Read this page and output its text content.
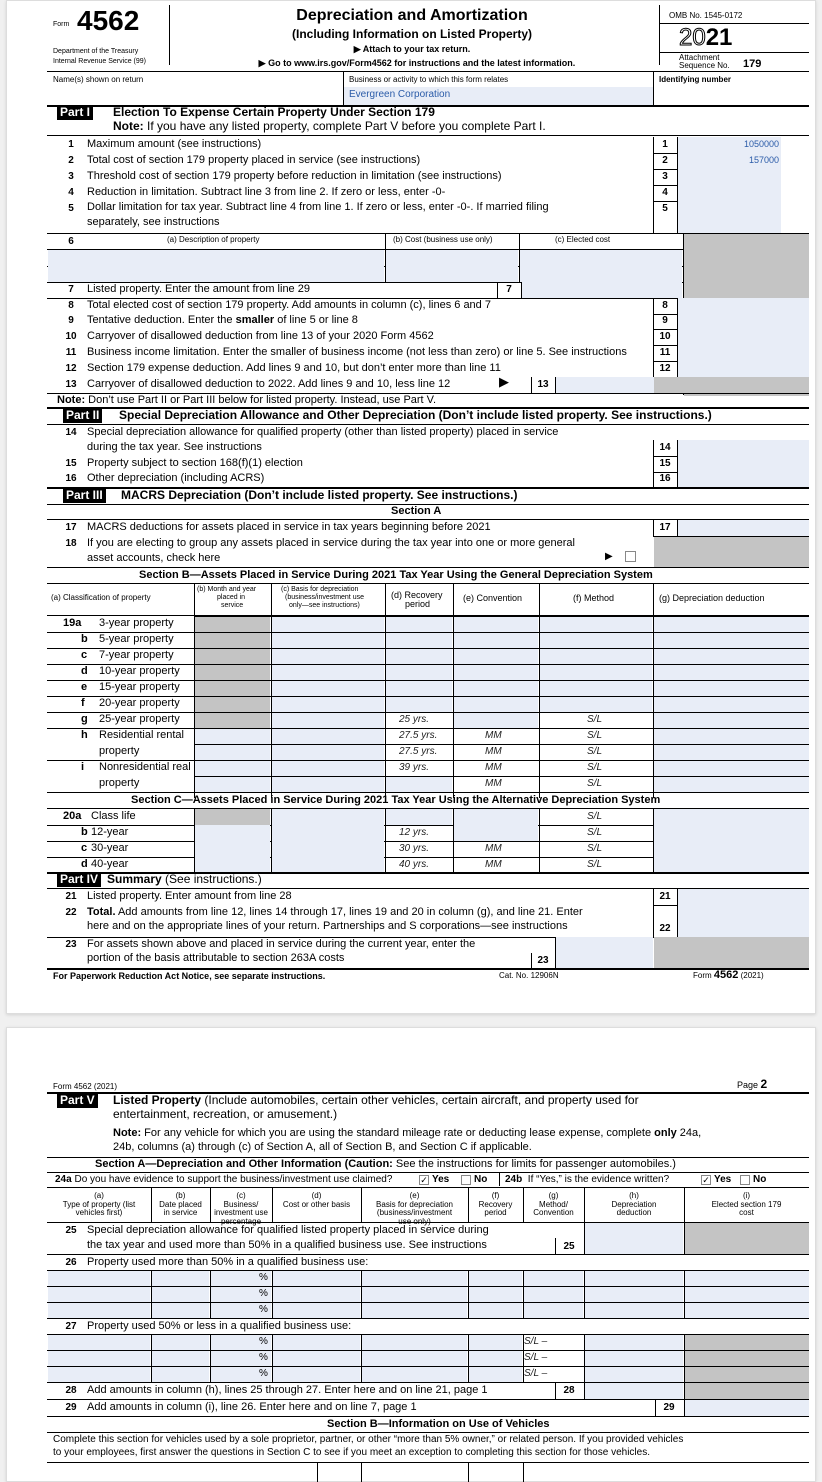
Form 4562
Department of the Treasury
Internal Revenue Service (99)
Depreciation and Amortization
(Including Information on Listed Property)
▶ Attach to your tax return.
▶ Go to www.irs.gov/Form4562 for instructions and the latest information.
OMB No. 1545-0172
2021
Attachment
Sequence No. 179
Name(s) shown on return	Business or activity to which this form relates
Evergreen Corporation
Identifying number
Part I Election To Expense Certain Property Under Section 179
Note: If you have any listed property, complete Part V before you complete Part I.
1	Maximum amount (see instructions)	1	1050000
2	Total cost of section 179 property placed in service (see instructions)	2	157000
3	Threshold cost of section 179 property before reduction in limitation (see instructions)	3
4	Reduction in limitation. Subtract line 3 from line 2. If zero or less, enter -0-	4
5	Dollar limitation for tax year. Subtract line 4 from line 1. If zero or less, enter -0-. If married filing
separately, see instructions
5
6	(a) Description of property	(b) Cost (business use only)	(c) Elected cost
7	Listed property. Enter the amount from line 29	7
8	Total elected cost of section 179 property. Add amounts in column (c), lines 6 and 7	8
9	Tentative deduction. Enter the smaller of line 5 or line 8	9
10 Carryover of disallowed deduction from line 13 of your 2020 Form 4562	10
11 Business income limitation. Enter the smaller of business income (not less than zero) or line 5. See instructions	11
12 Section 179 expense deduction. Add lines 9 and 10, but don’t enter more than line 11	12
13 Carryover of disallowed deduction to 2022. Add lines 9 and 10, less line 12	▶	13
Note: Don’t use Part II or Part III below for listed property. Instead, use Part V.
Part II Special Depreciation Allowance and Other Depreciation (Don’t include listed property. See instructions.)
14 Special depreciation allowance for qualified property (other than listed property) placed in service
during the tax year. See instructions	14
15 Property subject to section 168(f)(1) election	15
16 Other depreciation (including ACRS)	16
Part III MACRS Depreciation (Don’t include listed property. See instructions.)
Section A
17 MACRS deductions for assets placed in service in tax years beginning before 2021	17
18 If you are electing to group any assets placed in service during the tax year into one or more general
asset accounts, check here	▶
Section B—Assets Placed in Service During 2021 Tax Year Using the General Depreciation System
(a) Classification of property
(b) Month and year
placed in
service
(c) Basis for depreciation
(business/investment use
only—see instructions)
(d) Recovery
period
(e) Convention	(f) Method	(g) Depreciation deduction
19a 3-year property
b 5-year property
c 7-year property
d 10-year property
e 15-year property
f 20-year property
g 25-year property	25 yrs.	S/L
h Residential rental	27.5 yrs.	MM	S/L
property	27.5 yrs.	MM	S/L
i Nonresidential real	39 yrs.	MM	S/L
property	MM	S/L
Section C—Assets Placed in Service During 2021 Tax Year Using the Alternative Depreciation System
20a Class life	S/L
b 12-year	12 yrs.	S/L
c 30-year	30 yrs.	MM	S/L
d 40-year	40 yrs.	MM	S/L
Part IV Summary (See instructions.)
21 Listed property. Enter amount from line 28	21
22 Total. Add amounts from line 12, lines 14 through 17, lines 19 and 20 in column (g), and line 21. Enter
here and on the appropriate lines of your return. Partnerships and S corporations—see instructions	22
23 For assets shown above and placed in service during the current year, enter the
portion of the basis attributable to section 263A costs	23
For Paperwork Reduction Act Notice, see separate instructions.	Cat. No. 12906N	Form 4562 (2021)
Form 4562 (2021)	Page 2
Part V Listed Property (Include automobiles, certain other vehicles, certain aircraft, and property used for
entertainment, recreation, or amusement.)
Note: For any vehicle for which you are using the standard mileage rate or deducting lease expense, complete only 24a,
24b, columns (a) through (c) of Section A, all of Section B, and Section C if applicable.
Section A—Depreciation and Other Information (Caution: See the instructions for limits for passenger automobiles.)
24a Do you have evidence to support the business/investment use claimed?	✓ Yes No 24b If “Yes,” is the evidence written?	✓ Yes No
(a)
Type of property (list
vehicles first)
(b)
Date placed
in service
(c)
Business/
investment use
percentage
(d)
Cost or other basis
(e)
Basis for depreciation
(business/investment
use only)
(f)
Recovery
period
(g)
Method/
Convention
(h)
Depreciation
deduction
(i)
Elected section 179
cost
25 Special depreciation allowance for qualified listed property placed in service during
the tax year and used more than 50% in a qualified business use. See instructions	25
26 Property used more than 50% in a qualified business use:
%
%
%
27 Property used 50% or less in a qualified business use:
%	S/L –
%	S/L –
%	S/L –
28 Add amounts in column (h), lines 25 through 27. Enter here and on line 21, page 1	28
29 Add amounts in column (i), line 26. Enter here and on line 7, page 1	29
Section B—Information on Use of Vehicles
Complete this section for vehicles used by a sole proprietor, partner, or other “more than 5% owner,” or related person. If you provided vehicles
to your employees, first answer the questions in Section C to see if you meet an exception to completing this section for those vehicles.
